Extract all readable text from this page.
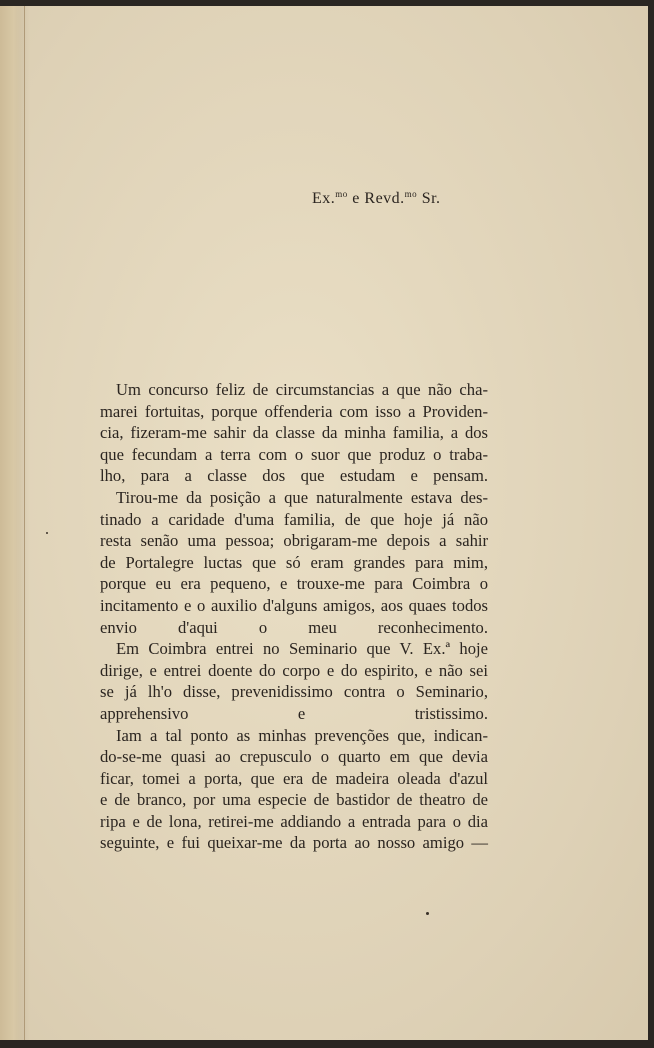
Ex.$^{mo}$ e Revd.$^{mo}$ Sr.

Um concurso feliz de circumstancias a que não cha-
marei fortuitas, porque offenderia com isso a Providen-
cia, fizeram-me sahir da classe da minha familia, a dos
que fecundam a terra com o suor que produz o traba-
lho, para a classe dos que estudam e pensam.

Tirou-me da posição a que naturalmente estava des-
tinado a caridade d'uma familia, de que hoje já não
resta senão uma pessoa; obrigaram-me depois a sahir
de Portalegre luctas que só eram grandes para mim,
porque eu era pequeno, e trouxe-me para Coimbra o
incitamento e o auxilio d'alguns amigos, aos quaes todos
envio d'aqui o meu reconhecimento.

Em Coimbra entrei no Seminario que V. Ex.ª hoje
dirige, e entrei doente do corpo e do espirito, e não sei
se já lh'o disse, prevenidissimo contra o Seminario,
apprehensivo e tristissimo.

Iam a tal ponto as minhas prevenções que, indican-
do-se-me quasi ao crepusculo o quarto em que devia
ficar, tomei a porta, que era de madeira oleada d'azul
e de branco, por uma especie de bastidor de theatro de
ripa e de lona, retirei-me addiando a entrada para o dia
seguinte, e fui queixar-me da porta ao nosso amigo —
